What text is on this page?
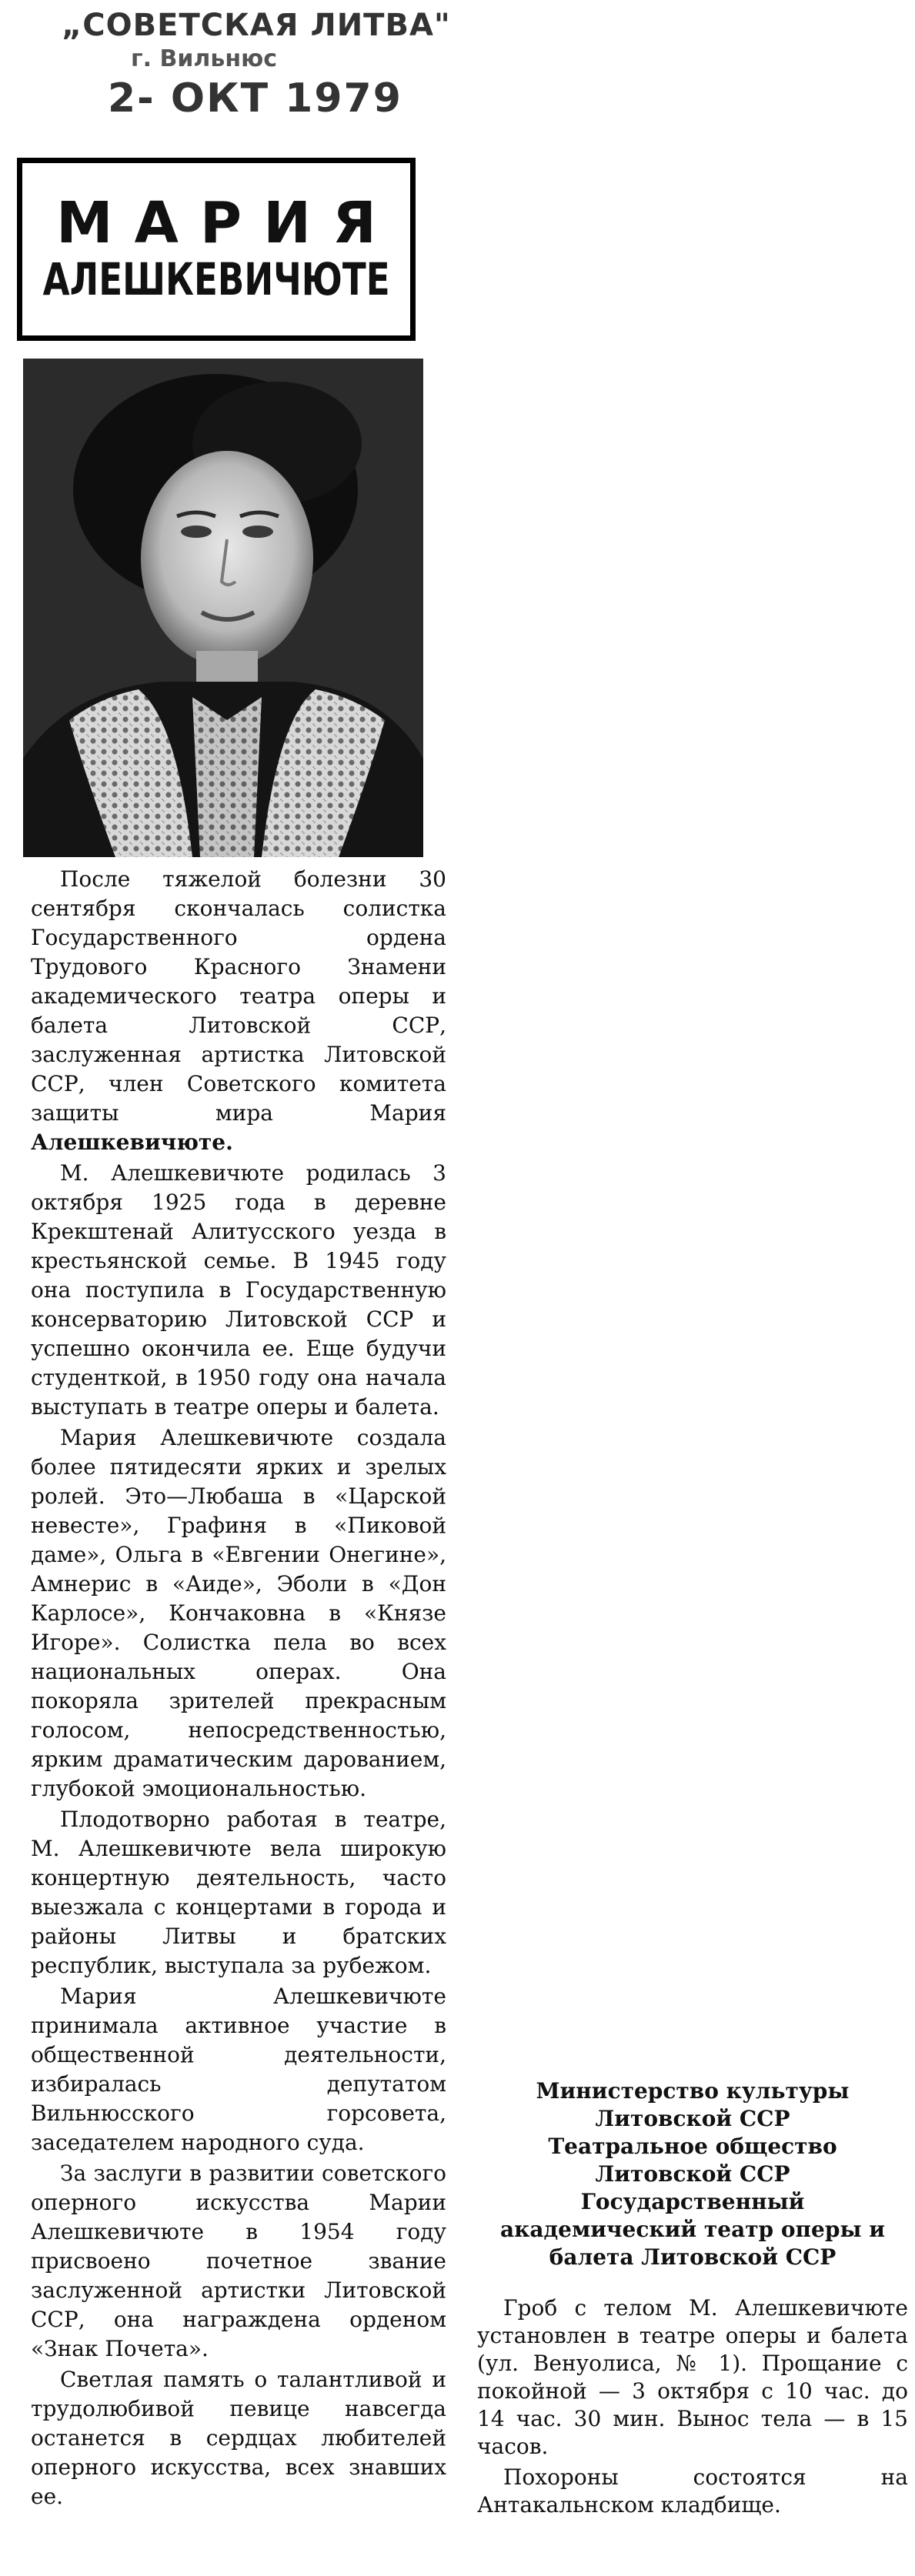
„СОВЕТСКАЯ ЛИТВА"
г. Вильнюс
2- ОКТ 1979
МАРИЯ
АЛЕШКЕВИЧЮТЕ

После тяжелой болезни 30 сентября скончалась солистка Государственного ордена Трудового Красного Знамени академического театра оперы и балета Литовской ССР, заслуженная артистка Литовской ССР, член Советского комитета защиты мира Мария Алешкевичюте.

М. Алешкевичюте родилась 3 октября 1925 года в деревне Крекштенай Алитусского уезда в крестьянской семье. В 1945 году она поступила в Государственную консерваторию Литовской ССР и успешно окончила ее. Еще будучи студенткой, в 1950 году она начала выступать в театре оперы и балета.

Мария Алешкевичюте создала более пятидесяти ярких и зрелых ролей. Это—Любаша в «Царской невесте», Графиня в «Пиковой даме», Ольга в «Евгении Онегине», Амнерис в «Аиде», Эболи в «Дон Карлосе», Кончаковна в «Князе Игоре». Солистка пела во всех национальных операх. Она покоряла зрителей прекрасным голосом, непосредственностью, ярким драматическим дарованием, глубокой эмоциональностью.

Плодотворно работая в театре, М. Алешкевичюте вела широкую концертную деятельность, часто выезжала с концертами в города и районы Литвы и братских республик, выступала за рубежом.

Мария Алешкевичюте принимала активное участие в общественной деятельности, избиралась депутатом Вильнюсского горсовета, заседателем народного суда.

За заслуги в развитии советского оперного искусства Марии Алешкевичюте в 1954 году присвоено почетное звание заслуженной артистки Литовской ССР, она награждена орденом «Знак Почета».

Светлая память о талантливой и трудолюбивой певице навсегда останется в сердцах любителей оперного искусства, всех знавших ее.

Министерство культуры
Литовской ССР
Театральное общество
Литовской ССР
Государственный
академический театр оперы и
балета Литовской ССР

Гроб с телом М. Алешкевичюте установлен в театре оперы и балета (ул. Венуолиса, № 1). Прощание с покойной — 3 октября с 10 час. до 14 час. 30 мин. Вынос тела — в 15 часов.

Похороны состоятся на Антакальнском кладбище.
